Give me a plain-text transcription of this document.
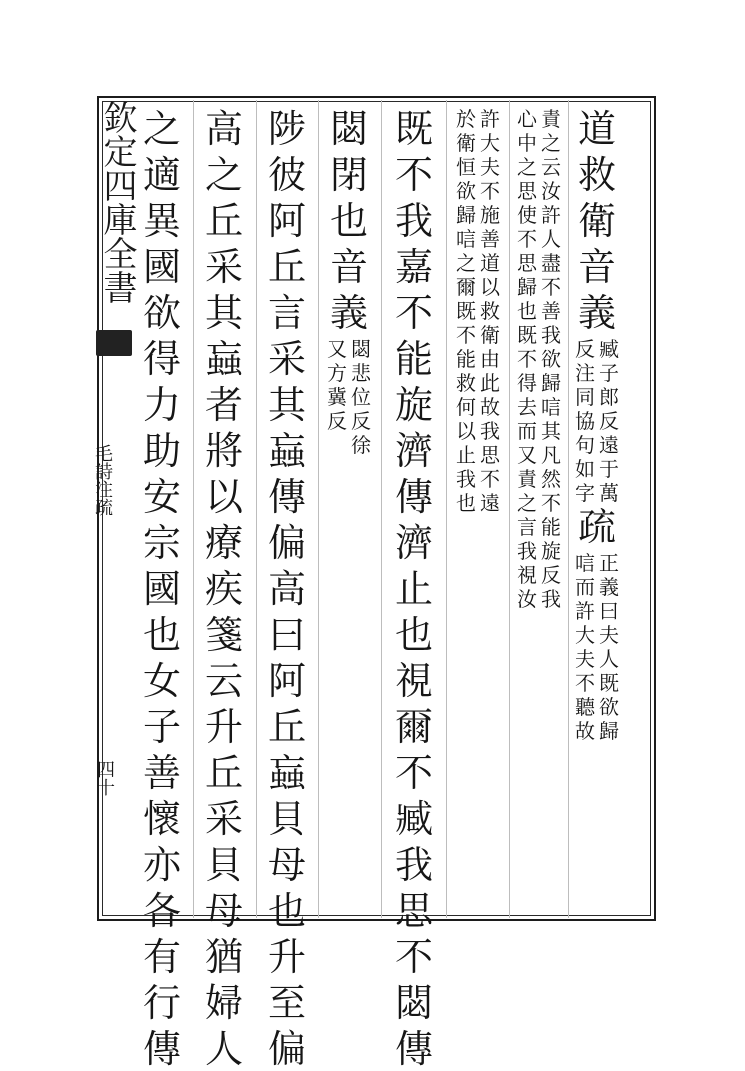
欽定四庫全書
毛詩注疏
四十
道
救
衛
音
義
臧
子
郎
反
遠
于
萬
反
注
同
協
句
如
字
疏
正
義
曰
夫
人
既
欲
歸
唁
而
許
大
夫
不
聽
故
責
之
云
汝
許
人
盡
不
善
我
欲
歸
唁
其
凡
然
不
能
旋
反
我
心
中
之
思
使
不
思
歸
也
既
不
得
去
而
又
責
之
言
我
視
汝
許
大
夫
不
施
善
道
以
救
衛
由
此
故
我
思
不
遠
於
衛
恒
欲
歸
唁
之
爾
既
不
能
救
何
以
止
我
也
既
不
我
嘉
不
能
旋
濟
傳
濟
止
也
視
爾
不
臧
我
思
不
閟
傳
閟
閉
也
音
義
閟
悲
位
反
徐
又
方
冀
反
陟
彼
阿
丘
言
采
其
蝱
傳
偏
高
曰
阿
丘
蝱
貝
母
也
升
至
偏
高
之
丘
采
其
蝱
者
將
以
療
疾
箋
云
升
丘
采
貝
母
猶
婦
人
之
適
異
國
欲
得
力
助
安
宗
國
也
女
子
善
懷
亦
各
有
行
傳
